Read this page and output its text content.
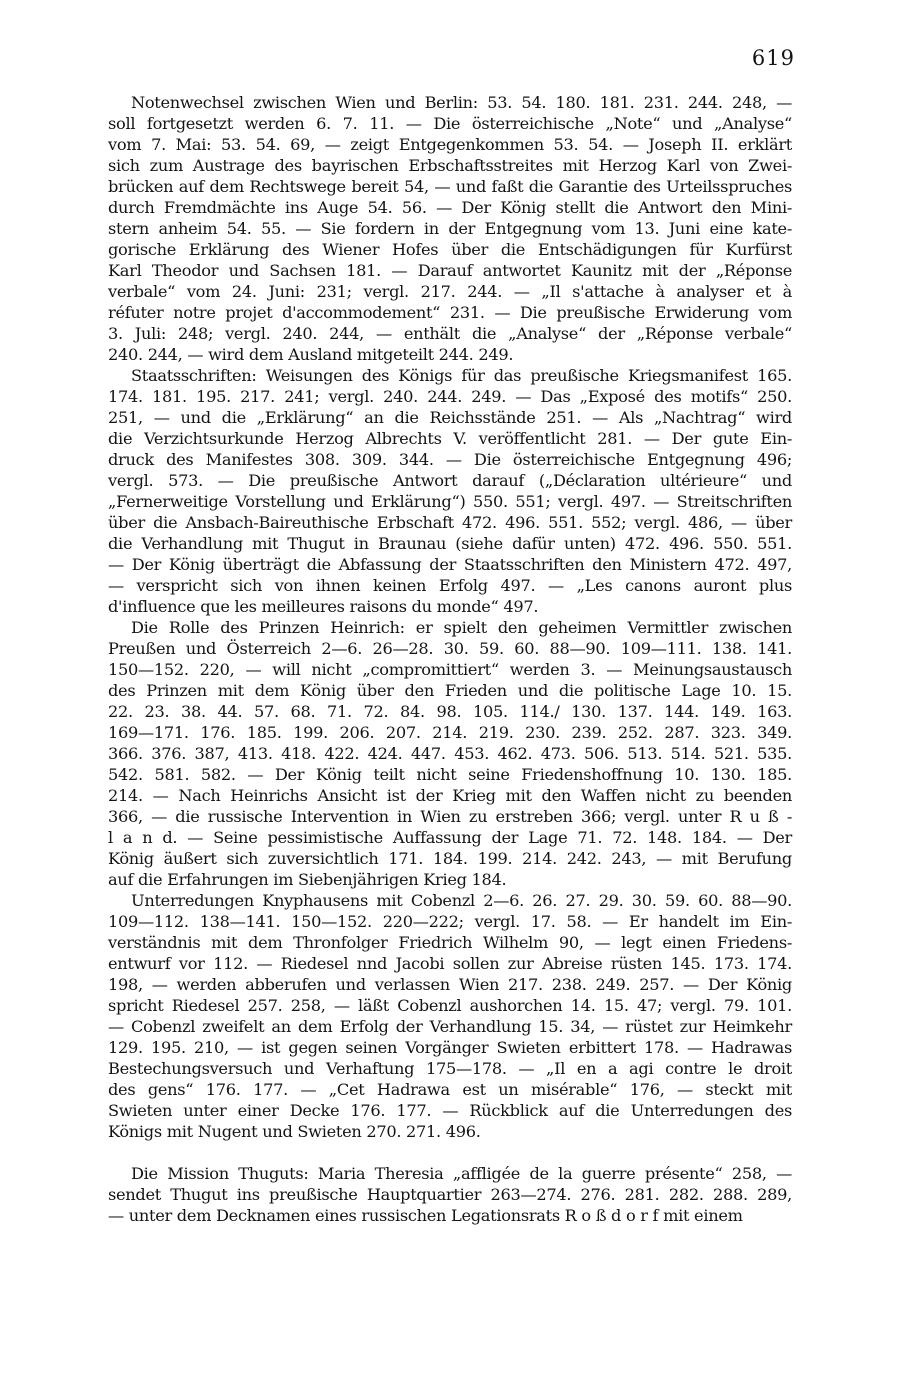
619
Notenwechsel zwischen Wien und Berlin: 53. 54. 180. 181. 231. 244. 248, —
soll fortgesetzt werden 6. 7. 11. — Die österreichische „Note“ und „Analyse“
vom 7. Mai: 53. 54. 69, — zeigt Entgegenkommen 53. 54. — Joseph II. erklärt
sich zum Austrage des bayrischen Erbschaftsstreites mit Herzog Karl von Zwei-
brücken auf dem Rechtswege bereit 54, — und faßt die Garantie des Urteilsspruches
durch Fremdmächte ins Auge 54. 56. — Der König stellt die Antwort den Mini-
stern anheim 54. 55. — Sie fordern in der Entgegnung vom 13. Juni eine kate-
gorische Erklärung des Wiener Hofes über die Entschädigungen für Kurfürst
Karl Theodor und Sachsen 181. — Darauf antwortet Kaunitz mit der „Réponse
verbale“ vom 24. Juni: 231; vergl. 217. 244. — „Il s'attache à analyser et à
réfuter notre projet d'accommodement“ 231. — Die preußische Erwiderung vom
3. Juli: 248; vergl. 240. 244, — enthält die „Analyse“ der „Réponse verbale“
240. 244, — wird dem Ausland mitgeteilt 244. 249.
Staatsschriften: Weisungen des Königs für das preußische Kriegsmanifest 165.
174. 181. 195. 217. 241; vergl. 240. 244. 249. — Das „Exposé des motifs“ 250.
251, — und die „Erklärung“ an die Reichsstände 251. — Als „Nachtrag“ wird
die Verzichtsurkunde Herzog Albrechts V. veröffentlicht 281. — Der gute Ein-
druck des Manifestes 308. 309. 344. — Die österreichische Entgegnung 496;
vergl. 573. — Die preußische Antwort darauf („Déclaration ultérieure“ und
„Fernerweitige Vorstellung und Erklärung“) 550. 551; vergl. 497. — Streitschriften
über die Ansbach-Baireuthische Erbschaft 472. 496. 551. 552; vergl. 486, — über
die Verhandlung mit Thugut in Braunau (siehe dafür unten) 472. 496. 550. 551.
— Der König überträgt die Abfassung der Staatsschriften den Ministern 472. 497,
— verspricht sich von ihnen keinen Erfolg 497. — „Les canons auront plus
d'influence que les meilleures raisons du monde“ 497.
Die Rolle des Prinzen Heinrich: er spielt den geheimen Vermittler zwischen
Preußen und Österreich 2—6. 26—28. 30. 59. 60. 88—90. 109—111. 138. 141.
150—152. 220, — will nicht „compromittiert“ werden 3. — Meinungsaustausch
des Prinzen mit dem König über den Frieden und die politische Lage 10. 15.
22. 23. 38. 44. 57. 68. 71. 72. 84. 98. 105. 114./ 130. 137. 144. 149. 163.
169—171. 176. 185. 199. 206. 207. 214. 219. 230. 239. 252. 287. 323. 349.
366. 376. 387, 413. 418. 422. 424. 447. 453. 462. 473. 506. 513. 514. 521. 535.
542. 581. 582. — Der König teilt nicht seine Friedenshoffnung 10. 130. 185.
214. — Nach Heinrichs Ansicht ist der Krieg mit den Waffen nicht zu beenden
366, — die russische Intervention in Wien zu erstreben 366; vergl. unter R u ß -
l a n d. — Seine pessimistische Auffassung der Lage 71. 72. 148. 184. — Der
König äußert sich zuversichtlich 171. 184. 199. 214. 242. 243, — mit Berufung
auf die Erfahrungen im Siebenjährigen Krieg 184.
Unterredungen Knyphausens mit Cobenzl 2—6. 26. 27. 29. 30. 59. 60. 88—90.
109—112. 138—141. 150—152. 220—222; vergl. 17. 58. — Er handelt im Ein-
verständnis mit dem Thronfolger Friedrich Wilhelm 90, — legt einen Friedens-
entwurf vor 112. — Riedesel nnd Jacobi sollen zur Abreise rüsten 145. 173. 174.
198, — werden abberufen und verlassen Wien 217. 238. 249. 257. — Der König
spricht Riedesel 257. 258, — läßt Cobenzl aushorchen 14. 15. 47; vergl. 79. 101.
— Cobenzl zweifelt an dem Erfolg der Verhandlung 15. 34, — rüstet zur Heimkehr
129. 195. 210, — ist gegen seinen Vorgänger Swieten erbittert 178. — Hadrawas
Bestechungsversuch und Verhaftung 175—178. — „Il en a agi contre le droit
des gens“ 176. 177. — „Cet Hadrawa est un misérable“ 176, — steckt mit
Swieten unter einer Decke 176. 177. — Rückblick auf die Unterredungen des
Königs mit Nugent und Swieten 270. 271. 496.
Die Mission Thuguts: Maria Theresia „affligée de la guerre présente“ 258, —
sendet Thugut ins preußische Hauptquartier 263—274. 276. 281. 282. 288. 289,
— unter dem Decknamen eines russischen Legationsrats R o ß d o r f mit einem
